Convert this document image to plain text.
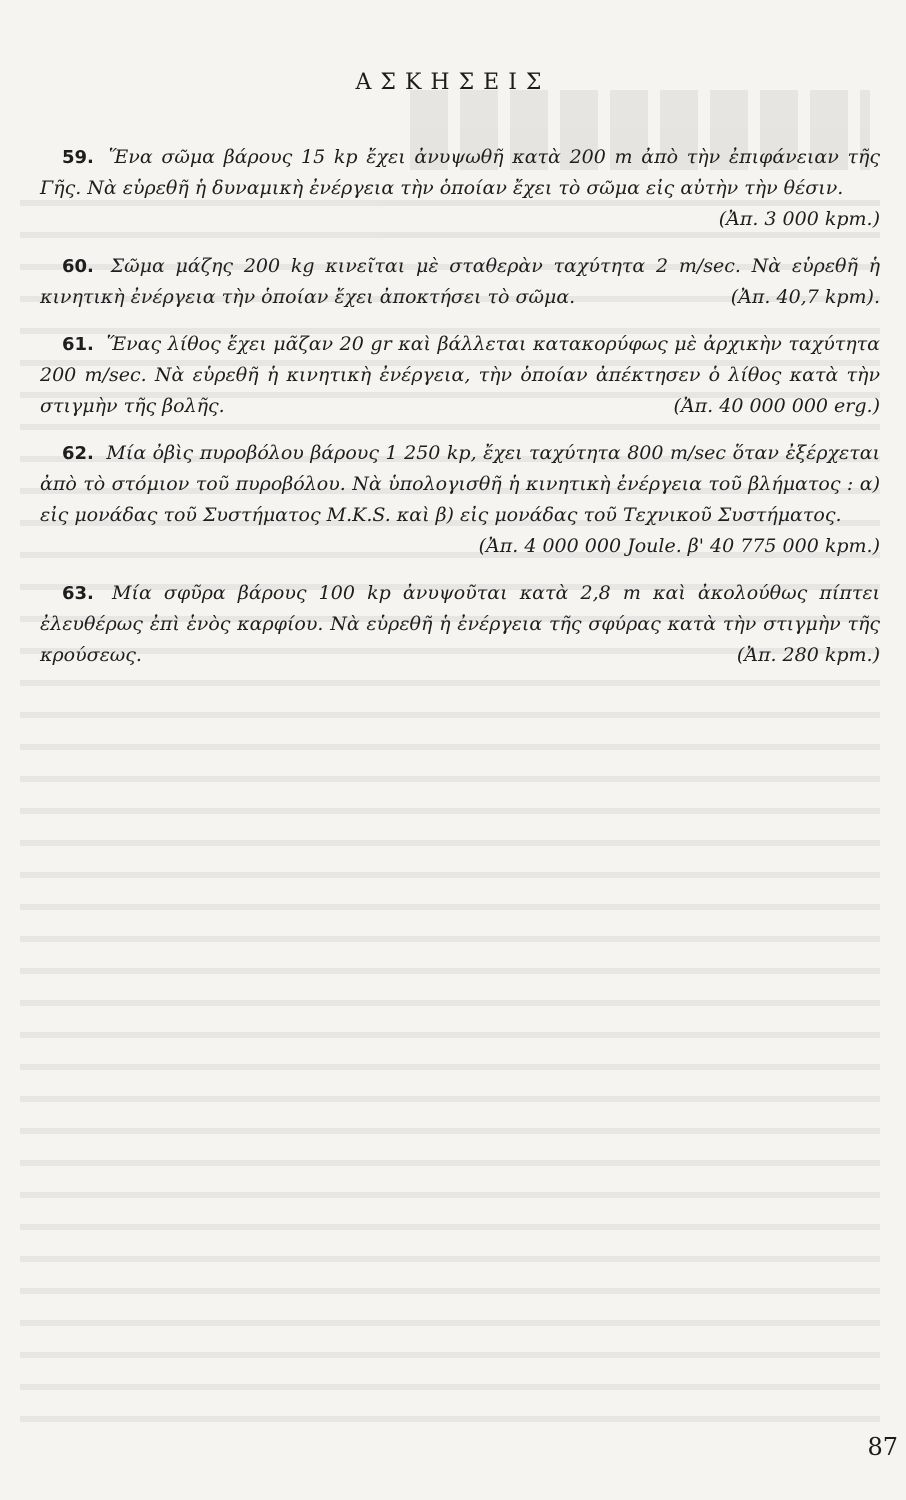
ΑΣΚΗΣΕΙΣ

59. Ἕνα σῶμα βάρους 15 kp ἔχει ἀνυψωθῆ κατὰ 200 m ἀπὸ τὴν ἐπιφάνειαν τῆς Γῆς. Νὰ εὑρεθῆ ἡ δυναμικὴ ἐνέργεια τὴν ὁποίαν ἔχει τὸ σῶμα εἰς αὐτὴν τὴν θέσιν.
(Ἀπ. 3 000 kpm.)

60. Σῶμα μάζης 200 kg κινεῖται μὲ σταθερὰν ταχύτητα 2 m/sec. Νὰ εὑρεθῆ ἡ κινητικὴ ἐνέργεια τὴν ὁποίαν ἔχει ἀποκτήσει τὸ σῶμα.	(Ἀπ. 40,7 kpm).

61. Ἕνας λίθος ἔχει μᾶζαν 20 gr καὶ βάλλεται κατακορύφως μὲ ἀρχικὴν ταχύτητα 200 m/sec. Νὰ εὑρεθῆ ἡ κινητικὴ ἐνέργεια, τὴν ὁποίαν ἀπέκτησεν ὁ λίθος κατὰ τὴν στιγμὴν τῆς βολῆς.	(Ἀπ. 40 000 000 erg.)

62. Μία ὀβὶς πυροβόλου βάρους 1 250 kp, ἔχει ταχύτητα 800 m/sec ὅταν ἐξέρχεται ἀπὸ τὸ στόμιον τοῦ πυροβόλου. Νὰ ὑπολογισθῆ ἡ κινητικὴ ἐνέργεια τοῦ βλήματος : α) εἰς μονάδας τοῦ Συστήματος M.K.S. καὶ β) εἰς μονάδας τοῦ Τεχνικοῦ Συστήματος.
(Ἀπ. 4 000 000 Joule. β' 40 775 000 kpm.)

63. Μία σφῦρα βάρους 100 kp ἀνυψοῦται κατὰ 2,8 m καὶ ἀκολούθως πίπτει ἐλευθέρως ἐπὶ ἑνὸς καρφίου. Νὰ εὑρεθῆ ἡ ἐνέργεια τῆς σφύρας κατὰ τὴν στιγμὴν τῆς κρούσεως.	(Ἀπ. 280 kpm.)

87
